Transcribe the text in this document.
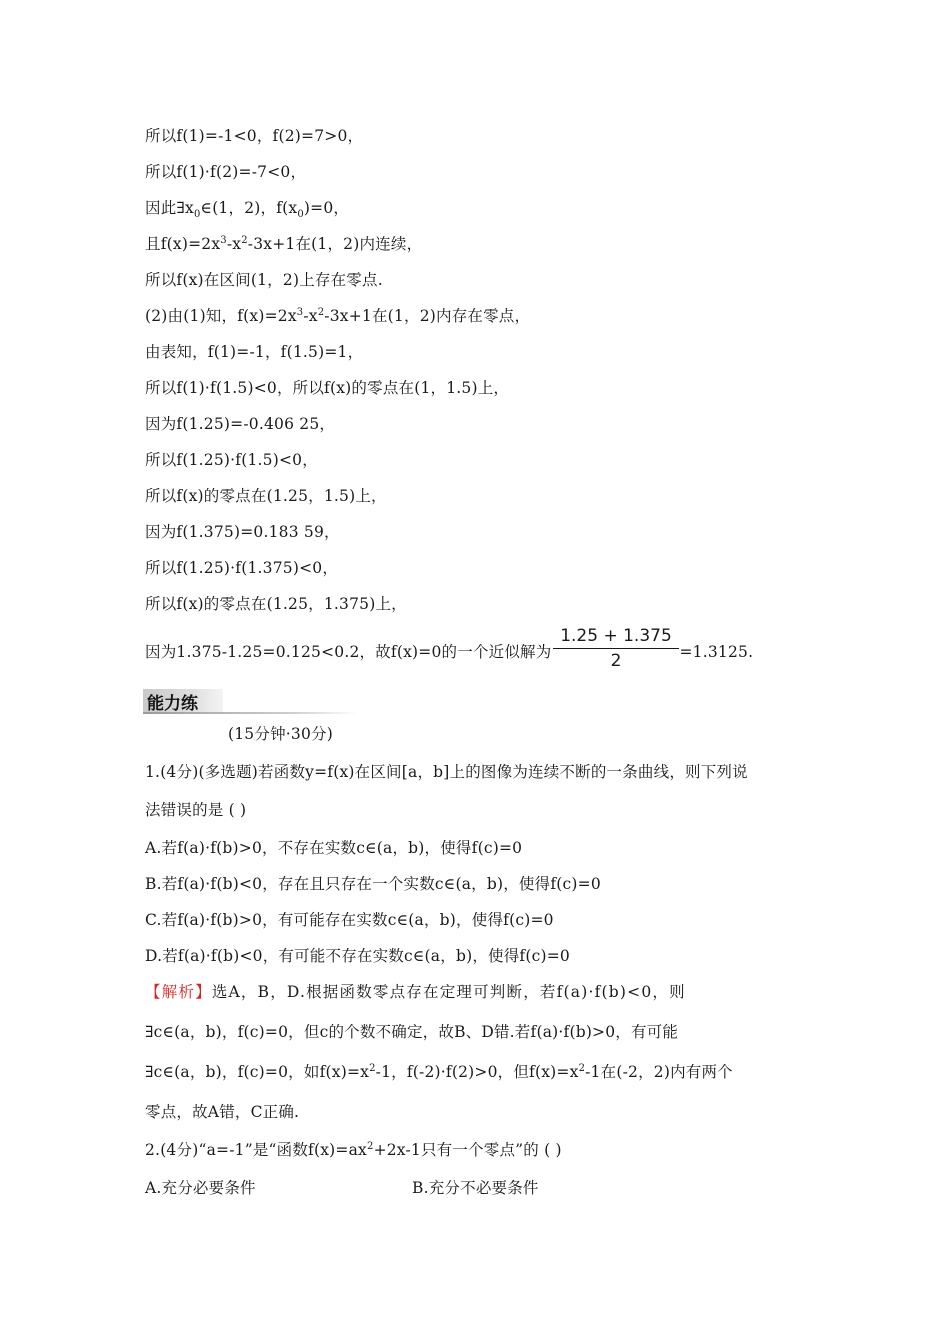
所以f(1)=-1<0，f(2)=7>0，
所以f(1)·f(2)=-7<0，
因此$\exists x_0\in(1$，2)，$f(x_0)=0$，
且$f(x)=2x^3-x^2-3x+1$在(1，2)内连续，
所以f(x)在区间(1，2)上存在零点.
(2)由(1)知，$f(x)=2x^3-x^2-3x+1$在(1，2)内存在零点，
由表知，f(1)=-1，f(1.5)=1，
所以f(1)·f(1.5)<0，所以f(x)的零点在(1，1.5)上，
因为f(1.25)=-0.406 25，
所以f(1.25)·f(1.5)<0，
所以f(x)的零点在(1.25，1.5)上，
因为f(1.375)=0.183 59，
所以f(1.25)·f(1.375)<0，
所以f(x)的零点在(1.25，1.375)上，
因为1.375-1.25=0.125<0.2，故f(x)=0的一个近似解为	=1.3125.
$\frac{1.25 + 1.375}{2}$
能力练
(15分钟·30分)
1.(4分)(多选题)若函数y=f(x)在区间[a，b]上的图像为连续不断的一条曲线，则下列说
法错误的是 ( )
A.若f(a)·f(b)>0，不存在实数c∈(a，b)，使得f(c)=0
B.若f(a)·f(b)<0，存在且只存在一个实数c∈(a，b)，使得f(c)=0
C.若f(a)·f(b)>0，有可能存在实数c∈(a，b)，使得f(c)=0
D.若f(a)·f(b)<0，有可能不存在实数c∈(a，b)，使得f(c)=0
【解析】选A，B，D.根据函数零点存在定理可判断，若f(a)·f(b)<0，则
∃c∈(a，b)，f(c)=0，但c的个数不确定，故B、D错.若f(a)·f(b)>0，有可能
∃c∈(a，b)，f(c)=0，如$f(x)=x^2-1$，f(-2)·f(2)>0，但$f(x)=x^2-1$在(-2，2)内有两个
零点，故A错，C正确.
2.(4分)“a=-1”是“函数$f(x)=ax^2+2x-1$只有一个零点”的 ( )
A.充分必要条件	B.充分不必要条件
